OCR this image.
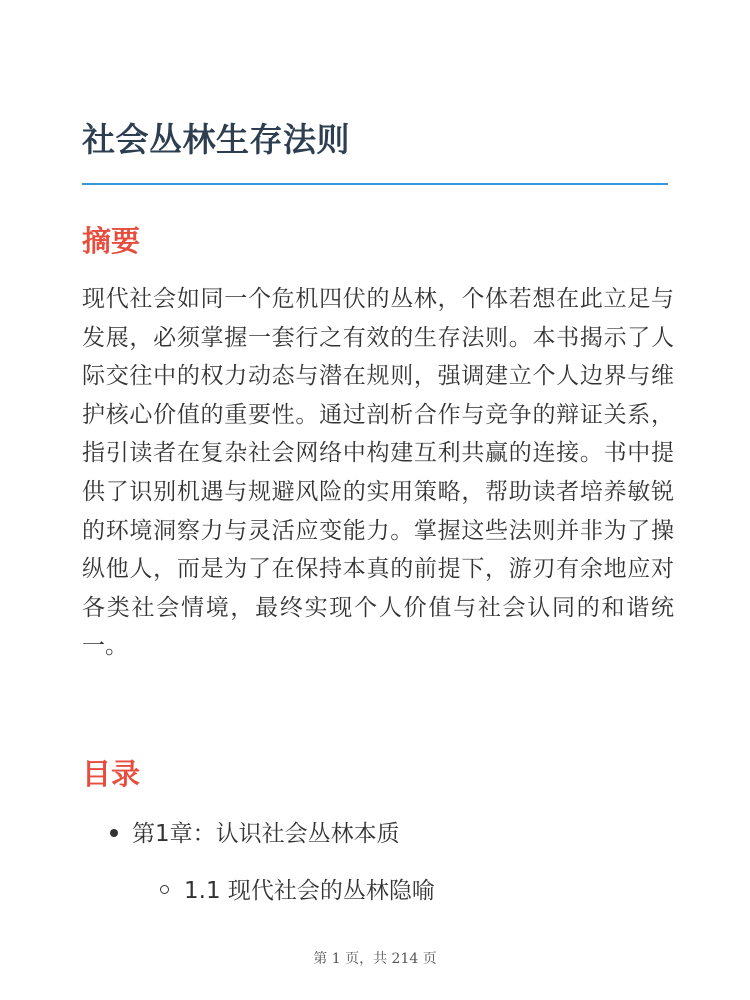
社会丛林生存法则
摘要

现代社会如同一个危机四伏的丛林，个体若想在此立足与发展，必须掌握一套行之有效的生存法则。本书揭示了人际交往中的权力动态与潜在规则，强调建立个人边界与维护核心价值的重要性。通过剖析合作与竞争的辩证关系，指引读者在复杂社会网络中构建互利共赢的连接。书中提供了识别机遇与规避风险的实用策略，帮助读者培养敏锐的环境洞察力与灵活应变能力。掌握这些法则并非为了操纵他人，而是为了在保持本真的前提下，游刃有余地应对各类社会情境，最终实现个人价值与社会认同的和谐统一。

目录
第1章：认识社会丛林本质
1.1 现代社会的丛林隐喻
第 1 页，共 214 页
